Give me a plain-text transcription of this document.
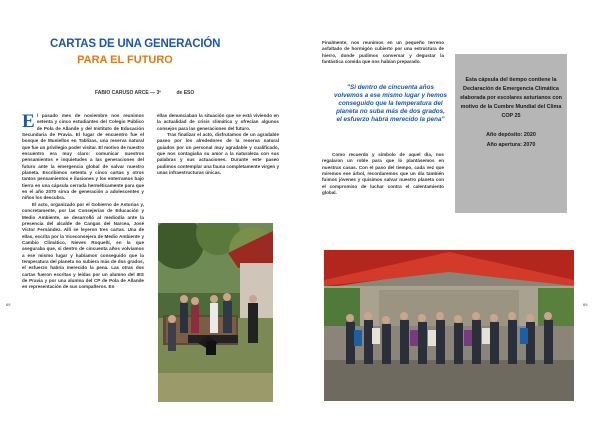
CARTAS DE UNA GENERACIÓN
PARA EL FUTURO
FABIO CARUSO ARCE — 3º	de ESO
El pasado mes de noviembre nos reunimos setenta y cinco estudiantes del Colegio Público de Pola de Allande y del Instituto de Educación Secundaria de Pravia. El lugar de encuentro fue el bosque de Muniellos en Tablizas, una reserva natural que fue un privilegio poder visitar. El motivo de nuestro encuentro era muy claro: comunicar nuestros pensamientos e inquietudes a las generaciones del futuro ante la emergencia global de salvar nuestro planeta. Escribimos setenta y cinco cartas y otros tantos pensamientos e ilusiones y los enterramos bajo tierra en una cápsula cerrada herméticamente para que en el año 2070 sirva de generación a adolescentes y niños los descubra.
El acto, organizado por el Gobierno de Asturias y, concretamente, por las Consejerías de Educación y Medio Ambiente, se desarrolló al mediodía ante la presencia del alcalde de Cangas del Narcea, José Víctor Fernández. Allí se leyeron tres cartas. Una de ellas, escrita por la Viceconsejera de Medio Ambiente y Cambio Climático, Nieves Roqueñí, en la que aseguraba que, si dentro de cincuenta años volvíamos a ese mismo lugar y habíamos conseguido que la temperatura del planeta no subiera más de dos grados, el esfuerzo habría merecido la pena. Las otras dos cartas fueron escritas y leídas por un alumno del IES de Pravia y por una alumna del CP de Pola de Allande en representación de sus compañeros. En
ellas denunciaban la situación que se está viviendo en la actualidad de crisis climática y ofrecían algunos consejos para las generaciones del futuro.
Tras finalizar el acto, disfrutamos de un agradable paseo por los alrededores de la reserva natural guiados por un personal muy agradable y cualificado, que nos contagiaba su amor a la naturaleza con sus palabras y sus actuaciones. Durante este paseo pudimos contemplar una fauna completamente virgen y unas infraestructuras únicas.
Finalmente, nos reunimos en un pequeño terreno asfaltado de hormigón cubierto por una estructura de hierro, donde pudimos conversar y degustar la fantástica comida que nos habían preparado.
"Si dentro de cincuenta años volvemos a ese mismo lugar y hemos conseguido que la temperatura del planeta no suba más de dos grados, el esfuerzo habrá merecido la pena"
Como recuerdo y símbolo de aquel día, nos regalaron un roble para que lo plantásemos en nuestras casas. Con el paso del tiempo, cada vez que miremos ese árbol, recordaremos que un día también fuimos jóvenes y quisimos salvar nuestro planeta con el compromiso de luchar contra el calentamiento global.
Esta cápsula del tiempo contiene la Declaración de Emergencia Climática elaborada por escolares asturianos con motivo de la Cumbre Mundial del Clima COP 25
Año depósito: 2020
Año apertura: 2070
69	69
